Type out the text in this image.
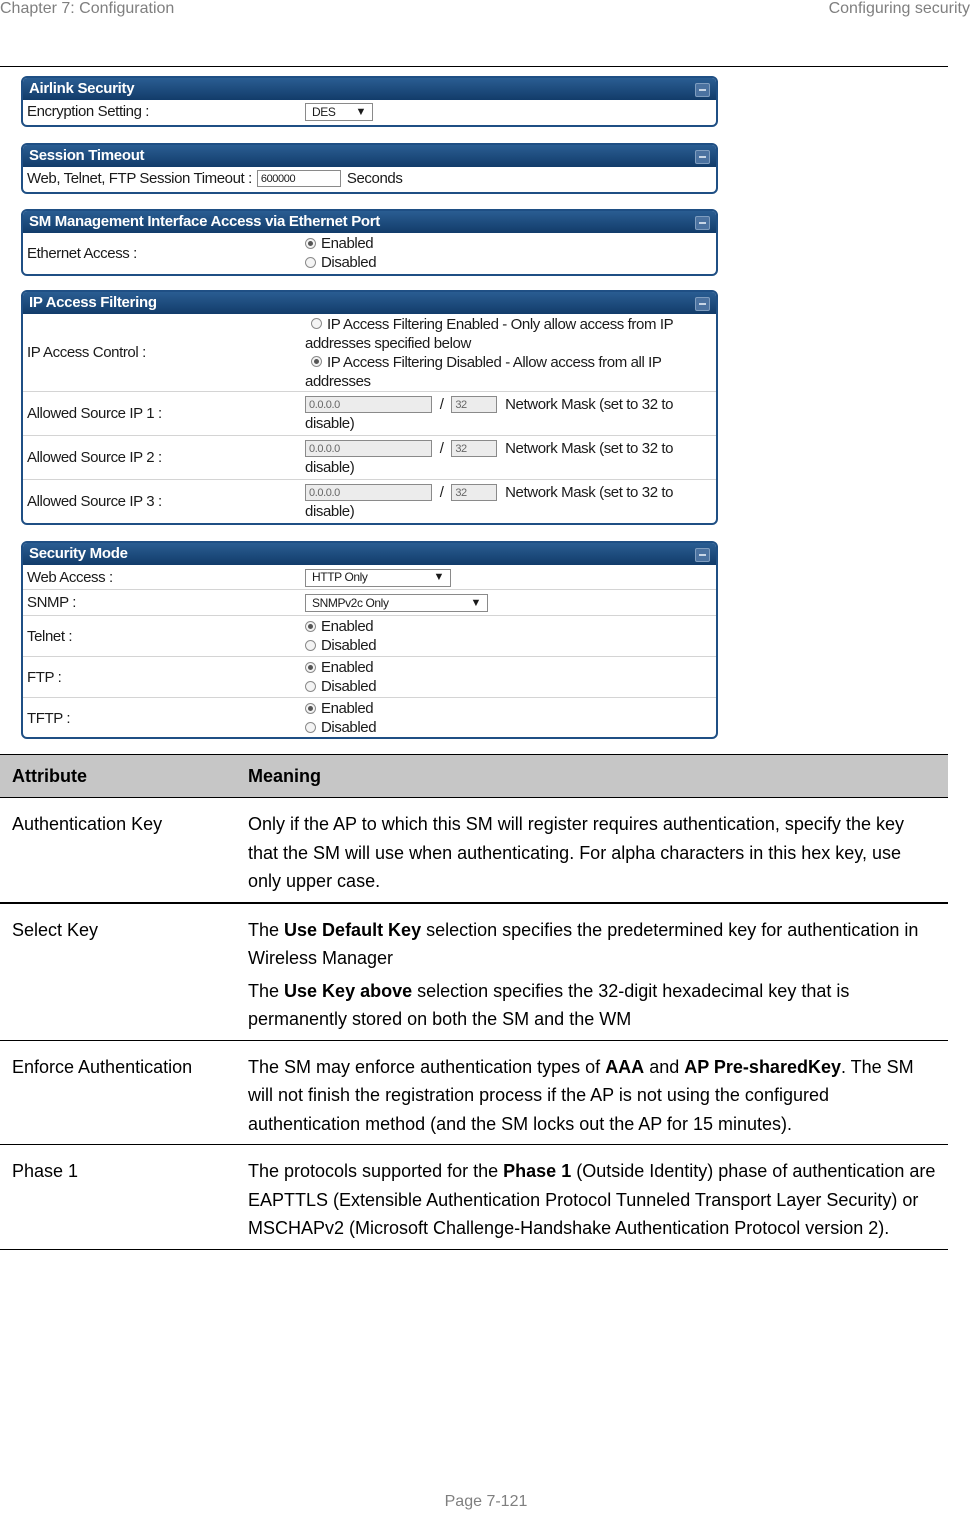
Chapter 7: Configuration	Configuring security
Airlink Security
Encryption Setting :	DES ▼
Session Timeout
Web, Telnet, FTP Session Timeout : 600000	Seconds
SM Management Interface Access via Ethernet Port
Ethernet Access :
Enabled
Disabled
IP Access Filtering
IP Access Control :
IP Access Filtering Enabled - Only allow access from IP addresses specified below
IP Access Filtering Disabled - Allow access from all IP addresses
Allowed Source IP 1 :	0.0.0.0	/ 32	Network Mask (set to 32 to disable)
Allowed Source IP 2 :	0.0.0.0	/ 32	Network Mask (set to 32 to disable)
Allowed Source IP 3 :	0.0.0.0	/ 32	Network Mask (set to 32 to disable)
Security Mode
Web Access :	HTTP Only	▼
SNMP :	SNMPv2c Only	▼
Telnet :
Enabled
Disabled
FTP :
Enabled
Disabled
TFTP :
Enabled
Disabled
Attribute	Meaning
Authentication Key	Only if the AP to which this SM will register requires authentication, specify the key that the SM will use when authenticating. For alpha characters in this hex key, use only upper case.
Select Key	The Use Default Key selection specifies the predetermined key for authentication in Wireless Manager
The Use Key above selection specifies the 32-digit hexadecimal key that is permanently stored on both the SM and the WM

Enforce Authentication	The SM may enforce authentication types of AAA and AP Pre-sharedKey. The SM will not finish the registration process if the AP is not using the configured authentication method (and the SM locks out the AP for 15 minutes).
Phase 1	The protocols supported for the Phase 1 (Outside Identity) phase of authentication are EAPTTLS (Extensible Authentication Protocol Tunneled Transport Layer Security) or MSCHAPv2 (Microsoft Challenge-Handshake Authentication Protocol version 2).
Page 7-121
